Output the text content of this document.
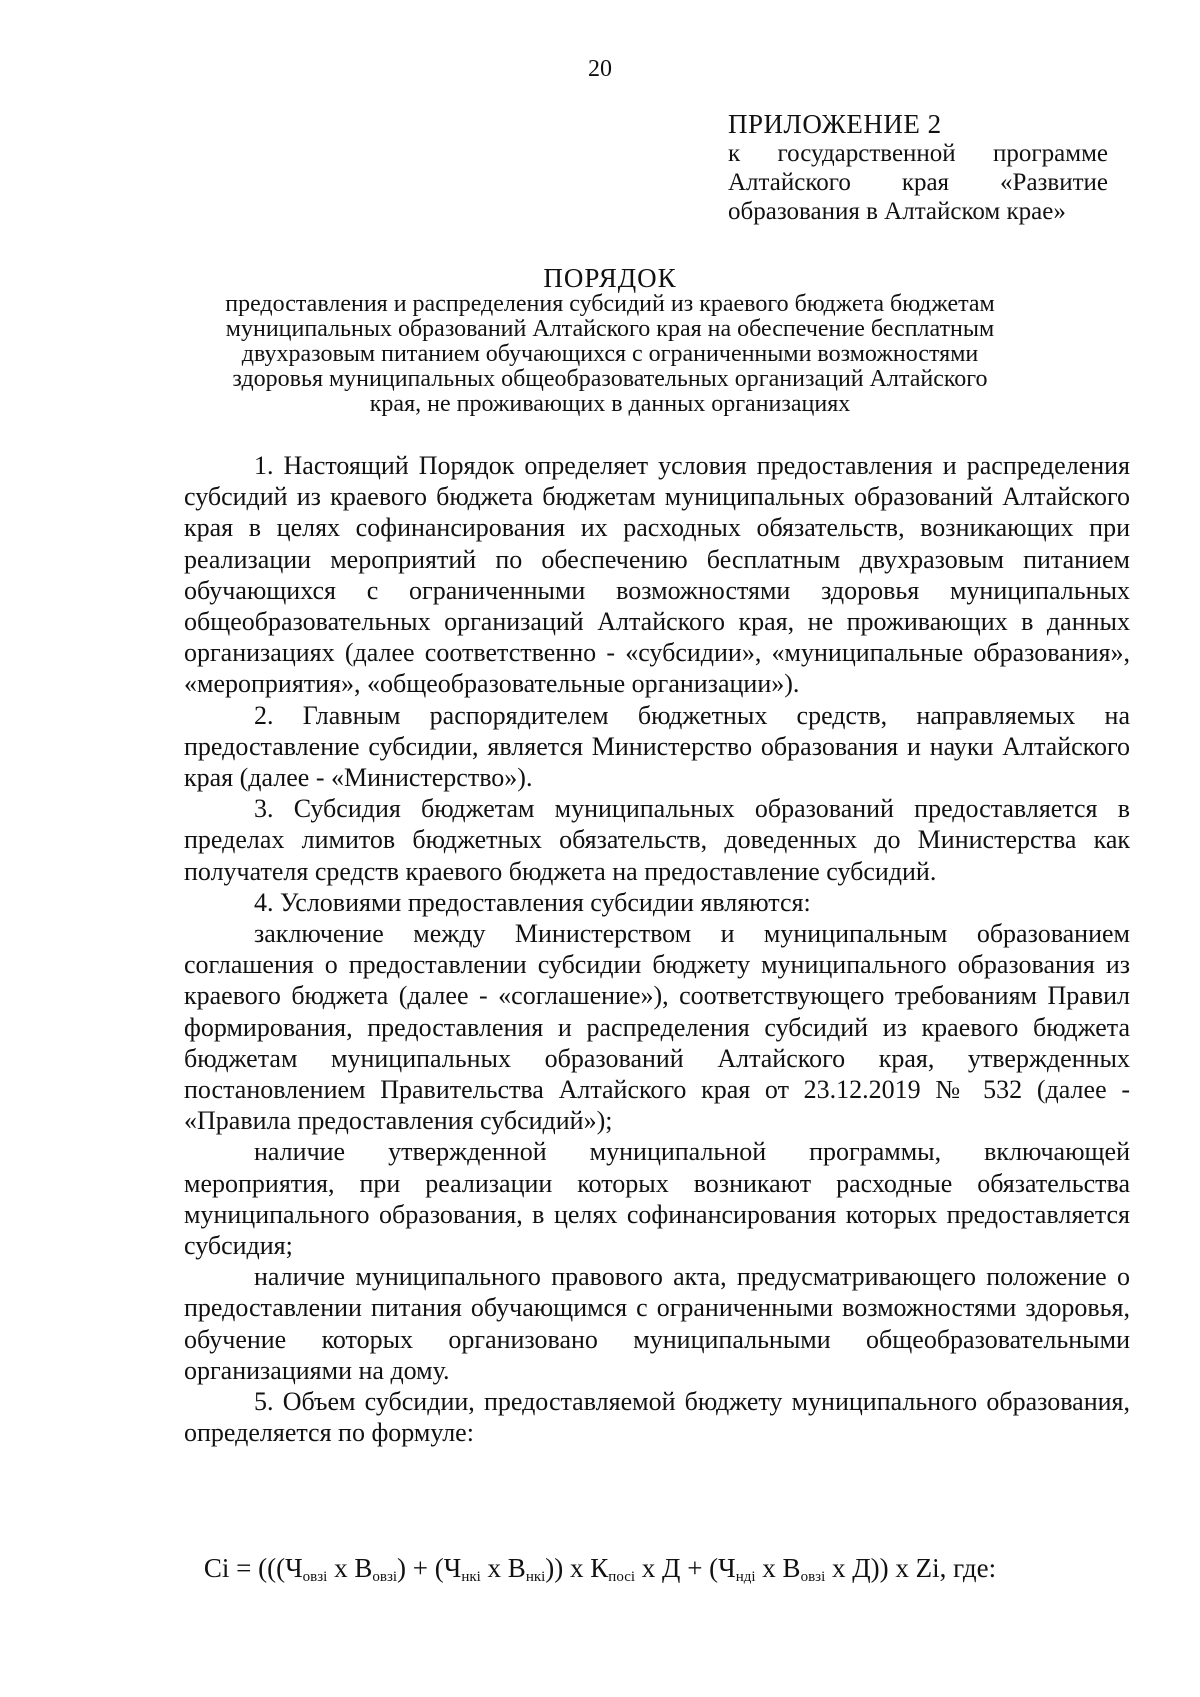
20
ПРИЛОЖЕНИЕ 2
к государственной программе
Алтайского края «Развитие
образования в Алтайском крае»
ПОРЯДОК
предоставления и распределения субсидий из краевого бюджета бюджетам
муниципальных образований Алтайского края на обеспечение бесплатным
двухразовым питанием обучающихся с ограниченными возможностями
здоровья муниципальных общеобразовательных организаций Алтайского
края, не проживающих в данных организациях

1. Настоящий Порядок определяет условия предоставления и распределения субсидий из краевого бюджета бюджетам муниципальных образований Алтайского края в целях софинансирования их расходных обязательств, возникающих при реализации мероприятий по обеспечению бесплатным двухразовым питанием обучающихся с ограниченными возможностями здоровья муниципальных общеобразовательных организаций Алтайского края, не проживающих в данных организациях (далее соответственно - «субсидии», «муниципальные образования», «мероприятия», «общеобразовательные организации»).

2. Главным распорядителем бюджетных средств, направляемых на предоставление субсидии, является Министерство образования и науки Алтайского края (далее - «Министерство»).

3. Субсидия бюджетам муниципальных образований предоставляется в пределах лимитов бюджетных обязательств, доведенных до Министерства как получателя средств краевого бюджета на предоставление субсидий.

4. Условиями предоставления субсидии являются:

заключение между Министерством и муниципальным образованием соглашения о предоставлении субсидии бюджету муниципального образования из краевого бюджета (далее - «соглашение»), соответствующего требованиям Правил формирования, предоставления и распределения субсидий из краевого бюджета бюджетам муниципальных образований Алтайского края, утвержденных постановлением Правительства Алтайского края от 23.12.2019 № 532 (далее - «Правила предоставления субсидий»);

наличие утвержденной муниципальной программы, включающей мероприятия, при реализации которых возникают расходные обязательства муниципального образования, в целях софинансирования которых предоставляется субсидия;

наличие муниципального правового акта, предусматривающего положение о предоставлении питания обучающимся с ограниченными возможностями здоровья, обучение которых организовано муниципальными общеобразовательными организациями на дому.

5. Объем субсидии, предоставляемой бюджету муниципального образования, определяется по формуле:

$Ci = (((Ч_{овзі}$ х $В_{овзі}) + (Ч_{нкі}$ х $В_{нкі}$)) х $К_{посі}$ х $Д + (Ч_{ндi}$ х $В_{овзі}$ х Д)) х Zi, где:
